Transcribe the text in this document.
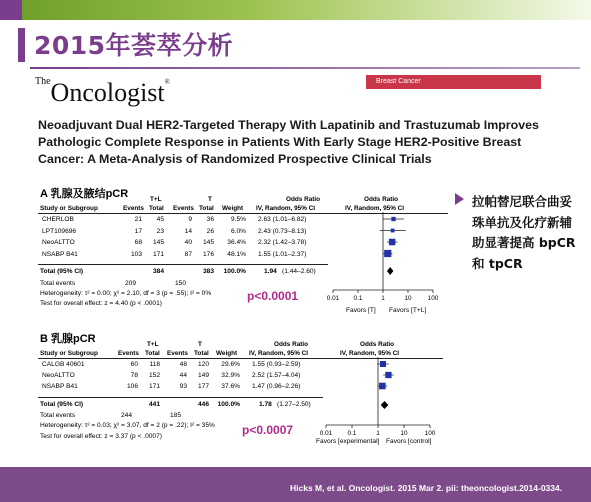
2015年荟萃分析
$^{The}$Oncologist®	Breast Cancer
Neoadjuvant Dual HER2-Targeted Therapy With Lapatinib and Trastuzumab Improves Pathologic Complete Response in Patients With Early Stage HER2-Positive Breast Cancer: A Meta-Analysis of Randomized Prospective Clinical Trials
A 乳腺及腋结pCR	T+L	T	Odds Ratio	Odds Ratio
Study or Subgroup	Events Total Events Total Weight IV, Random, 95% CI	IV, Random, 95% CI
CHERLOB	21	45	9	36	9.5% 2.63 (1.01–6.82)
LPT109696	17	23	14	26	6.0% 2.43 (0.73–8.13)
NeoALTTO	68	145	40	145	36.4% 2.32 (1.42–3.78)
NSABP B41	103	171	87	176	48.1% 1.55 (1.01–2.37)
Total (95% CI)	384	383	100.0%	1.94 (1.44–2.60)
Total events	209	150
Heterogeneity: τ² = 0.00; χ² = 2.10, df = 3 (p = .55); I² = 0%
Test for overall effect: z = 4.40 (p < .0001)
p<0.0001	0.01 0.1	1	10	100
Favors [T] Favors [T+L]
B 乳腺pCR	T+L	T	Odds Ratio	Odds Ratio
Study or Subgroup	Events Total Events Total Weight IV, Random, 95% CI	IV, Random, 95% CI
CALGB 40601	60	118	48	120	29.6% 1.55 (0.93–2.59)
NeoALTTO	78	152	44	149	32.9% 2.52 (1.57–4.04)
NSABP B41	106	171	93	177	37.6% 1.47 (0.96–2.26)
Total (95% CI)	441	446	100.0%	1.78 (1.27–2.50)
Total events	244	185
Heterogeneity: τ² = 0.03; χ² = 3.07, df = 2 (p = .22); I² = 35%
Test for overall effect: z = 3.37 (p < .0007)	p<0.0007	0.01 0.1	1	10	100
Favors [experimental] Favors [control]
拉帕替尼联合曲妥珠单抗及化疗新辅助显著提高 bpCR 和 tpCR
Hicks M, et al. Oncologist. 2015 Mar 2. pii: theoncologist.2014-0334.
